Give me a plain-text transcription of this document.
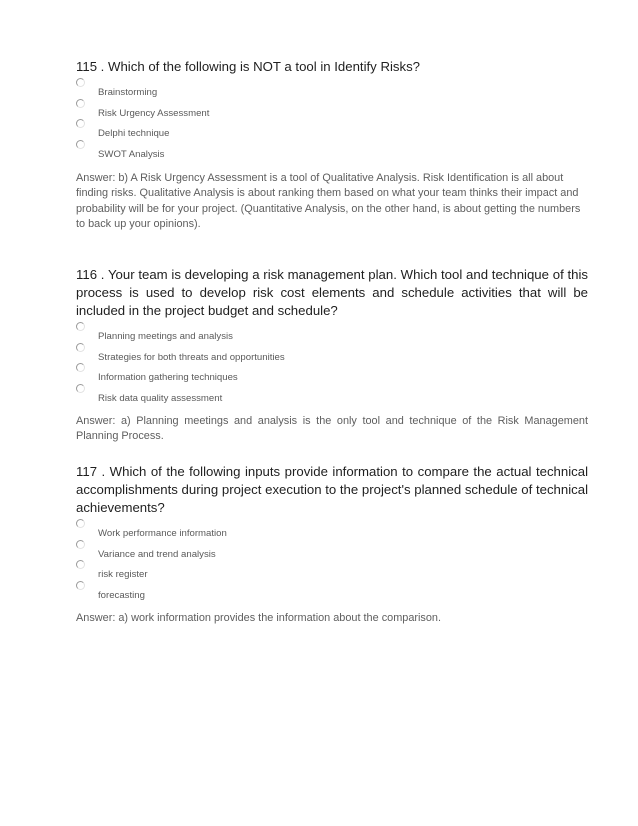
115 . Which of the following is NOT a tool in Identify Risks?

Brainstorming
Risk Urgency Assessment
Delphi technique
SWOT Analysis

Answer: b) A Risk Urgency Assessment is a tool of Qualitative Analysis. Risk Identification is all about finding risks. Qualitative Analysis is about ranking them based on what your team thinks their impact and probability will be for your project. (Quantitative Analysis, on the other hand, is about getting the numbers to back up your opinions).

116 . Your team is developing a risk management plan. Which tool and technique of this process is used to develop risk cost elements and schedule activities that will be included in the project budget and schedule?

Planning meetings and analysis
Strategies for both threats and opportunities
Information gathering techniques
Risk data quality assessment

Answer: a) Planning meetings and analysis is the only tool and technique of the Risk Management Planning Process.

117 . Which of the following inputs provide information to compare the actual technical accomplishments during project execution to the project's planned schedule of technical achievements?

Work performance information
Variance and trend analysis
risk register
forecasting

Answer: a) work information provides the information about the comparison.
